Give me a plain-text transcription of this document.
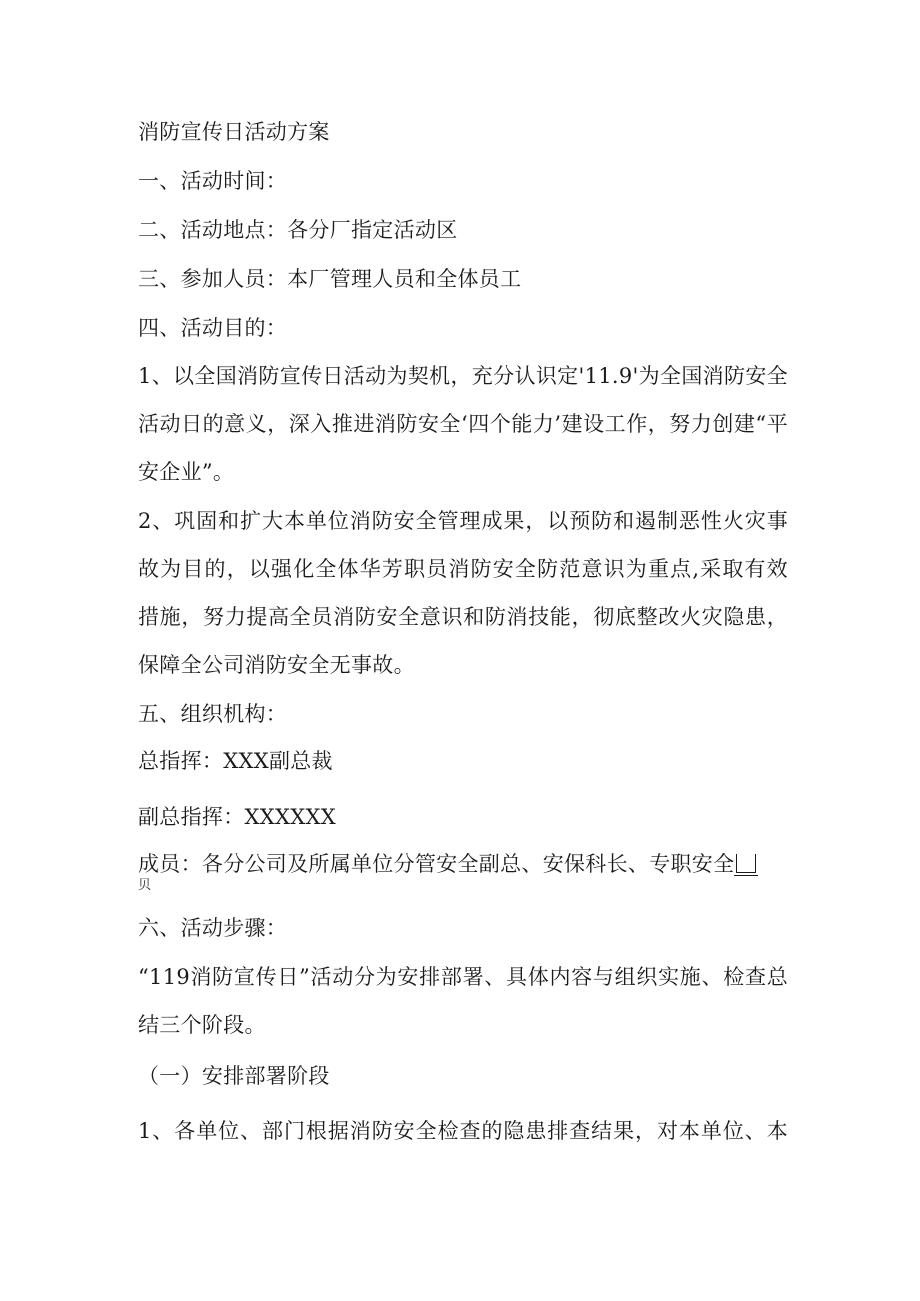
消防宣传日活动方案

一、活动时间：

二、活动地点：各分厂指定活动区

三、参加人员：本厂管理人员和全体员工

四、活动目的：

1、以全国消防宣传日活动为契机，充分认识定'11.9'为全国消防安全

活动日的意义，深入推进消防安全‘四个能力’建设工作，努力创建“平

安企业”。

2、巩固和扩大本单位消防安全管理成果，以预防和遏制恶性火灾事

故为目的，以强化全体华芳职员消防安全防范意识为重点,采取有效

措施，努力提高全员消防安全意识和防消技能，彻底整改火灾隐患，

保障全公司消防安全无事故。

五、组织机构：

总指挥：XXX副总裁

副总指挥：XXXXXX

成员：各分公司及所属单位分管安全副总、安保科长、专职安全

贝

六、活动步骤：

“119消防宣传日”活动分为安排部署、具体内容与组织实施、检查总

结三个阶段。

（一）安排部署阶段

1、各单位、部门根据消防安全检查的隐患排查结果，对本单位、本
